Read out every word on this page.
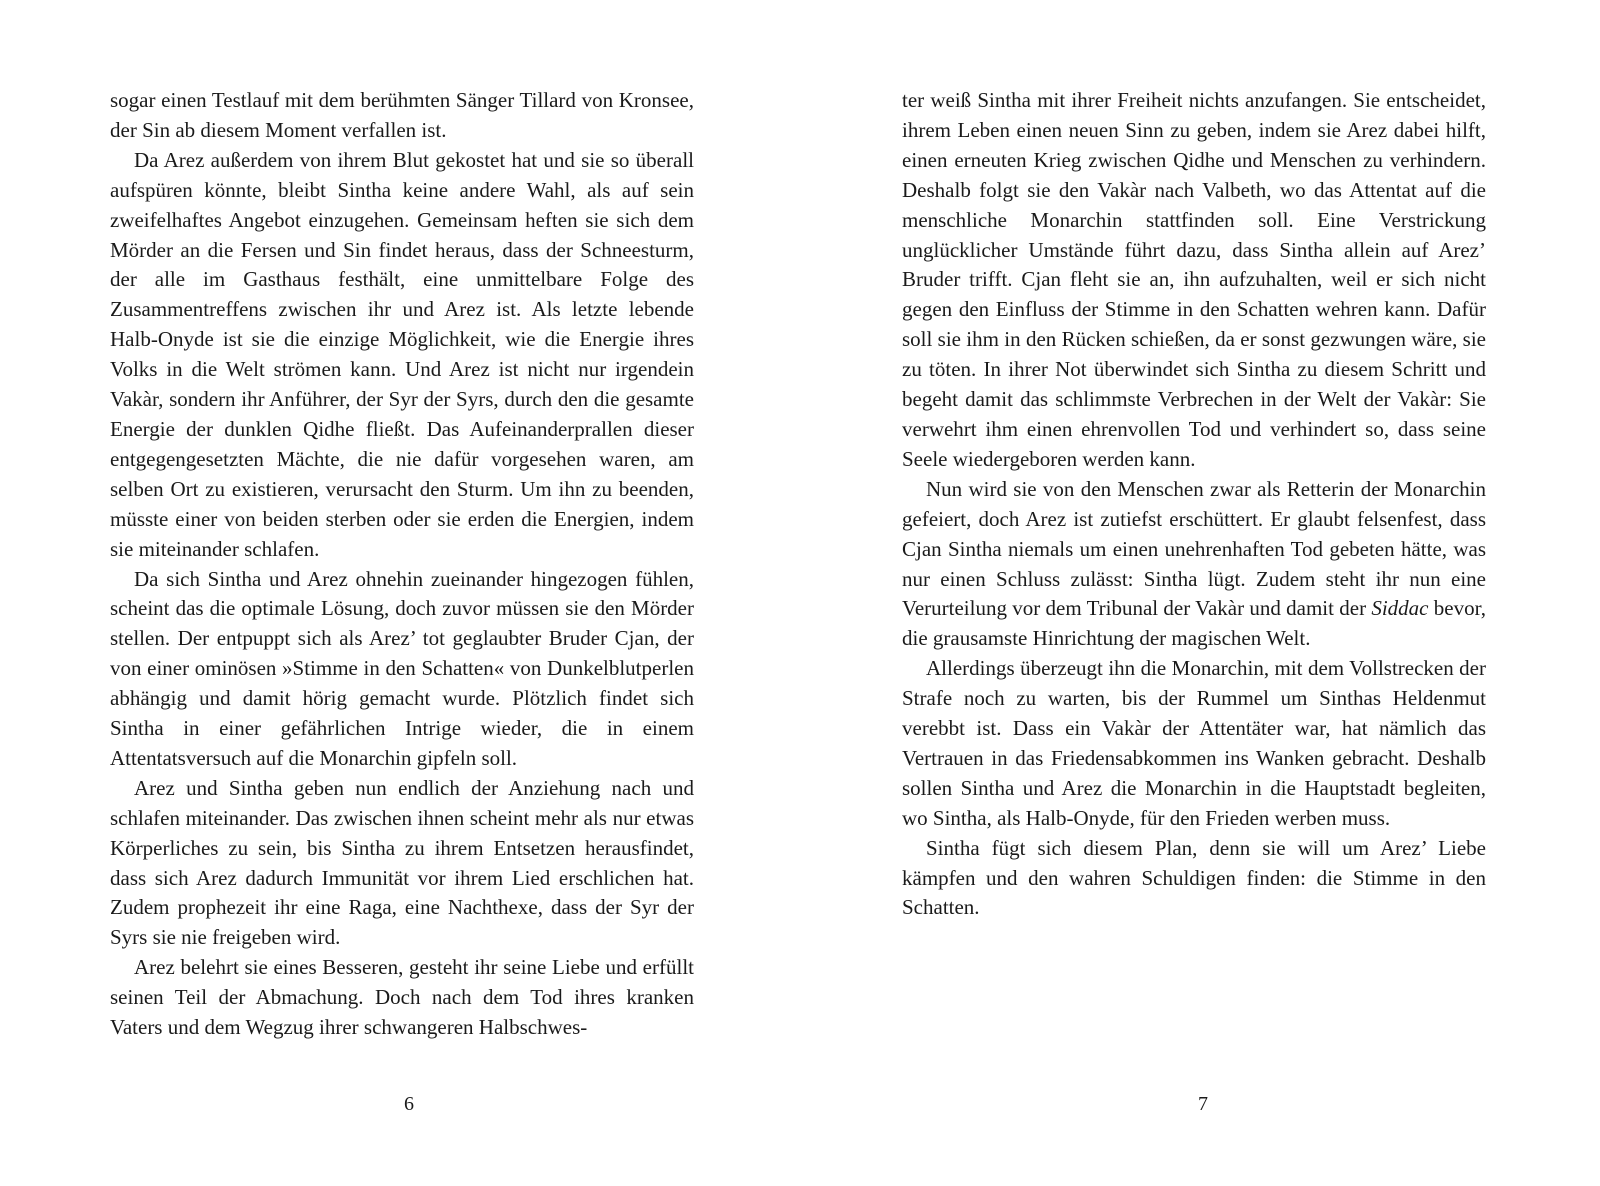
sogar einen Testlauf mit dem berühmten Sänger Tillard von Kronsee, der Sin ab diesem Moment verfallen ist.

Da Arez außerdem von ihrem Blut gekostet hat und sie so überall aufspüren könnte, bleibt Sintha keine andere Wahl, als auf sein zweifelhaftes Angebot einzugehen. Gemeinsam heften sie sich dem Mörder an die Fersen und Sin findet heraus, dass der Schneesturm, der alle im Gasthaus festhält, eine unmittelbare Folge des Zusammentreffens zwischen ihr und Arez ist. Als letzte lebende Halb-Onyde ist sie die einzige Möglichkeit, wie die Energie ihres Volks in die Welt strömen kann. Und Arez ist nicht nur irgendein Vakàr, sondern ihr Anführer, der Syr der Syrs, durch den die gesamte Energie der dunklen Qidhe fließt. Das Aufeinanderprallen dieser entgegengesetzten Mächte, die nie dafür vorgesehen waren, am selben Ort zu existieren, verursacht den Sturm. Um ihn zu beenden, müsste einer von beiden sterben oder sie erden die Energien, indem sie miteinander schlafen.

Da sich Sintha und Arez ohnehin zueinander hingezogen fühlen, scheint das die optimale Lösung, doch zuvor müssen sie den Mörder stellen. Der entpuppt sich als Arez’ tot geglaubter Bruder Cjan, der von einer ominösen »Stimme in den Schatten« von Dunkelblutperlen abhängig und damit hörig gemacht wurde. Plötzlich findet sich Sintha in einer gefährlichen Intrige wieder, die in einem Attentatsversuch auf die Monarchin gipfeln soll.

Arez und Sintha geben nun endlich der Anziehung nach und schlafen miteinander. Das zwischen ihnen scheint mehr als nur etwas Körperliches zu sein, bis Sintha zu ihrem Entsetzen herausfindet, dass sich Arez dadurch Immunität vor ihrem Lied erschlichen hat. Zudem prophezeit ihr eine Raga, eine Nachthexe, dass der Syr der Syrs sie nie freigeben wird.

Arez belehrt sie eines Besseren, gesteht ihr seine Liebe und erfüllt seinen Teil der Abmachung. Doch nach dem Tod ihres kranken Vaters und dem Wegzug ihrer schwangeren Halbschwes-

ter weiß Sintha mit ihrer Freiheit nichts anzufangen. Sie entscheidet, ihrem Leben einen neuen Sinn zu geben, indem sie Arez dabei hilft, einen erneuten Krieg zwischen Qidhe und Menschen zu verhindern. Deshalb folgt sie den Vakàr nach Valbeth, wo das Attentat auf die menschliche Monarchin stattfinden soll. Eine Verstrickung unglücklicher Umstände führt dazu, dass Sintha allein auf Arez’ Bruder trifft. Cjan fleht sie an, ihn aufzuhalten, weil er sich nicht gegen den Einfluss der Stimme in den Schatten wehren kann. Dafür soll sie ihm in den Rücken schießen, da er sonst gezwungen wäre, sie zu töten. In ihrer Not überwindet sich Sintha zu diesem Schritt und begeht damit das schlimmste Verbrechen in der Welt der Vakàr: Sie verwehrt ihm einen ehrenvollen Tod und verhindert so, dass seine Seele wiedergeboren werden kann.

Nun wird sie von den Menschen zwar als Retterin der Monarchin gefeiert, doch Arez ist zutiefst erschüttert. Er glaubt felsenfest, dass Cjan Sintha niemals um einen unehrenhaften Tod gebeten hätte, was nur einen Schluss zulässt: Sintha lügt. Zudem steht ihr nun eine Verurteilung vor dem Tribunal der Vakàr und damit der Siddac bevor, die grausamste Hinrichtung der magischen Welt.

Allerdings überzeugt ihn die Monarchin, mit dem Vollstrecken der Strafe noch zu warten, bis der Rummel um Sinthas Heldenmut verebbt ist. Dass ein Vakàr der Attentäter war, hat nämlich das Vertrauen in das Friedensabkommen ins Wanken gebracht. Deshalb sollen Sintha und Arez die Monarchin in die Hauptstadt begleiten, wo Sintha, als Halb-Onyde, für den Frieden werben muss.

Sintha fügt sich diesem Plan, denn sie will um Arez’ Liebe kämpfen und den wahren Schuldigen finden: die Stimme in den Schatten.

6	7
